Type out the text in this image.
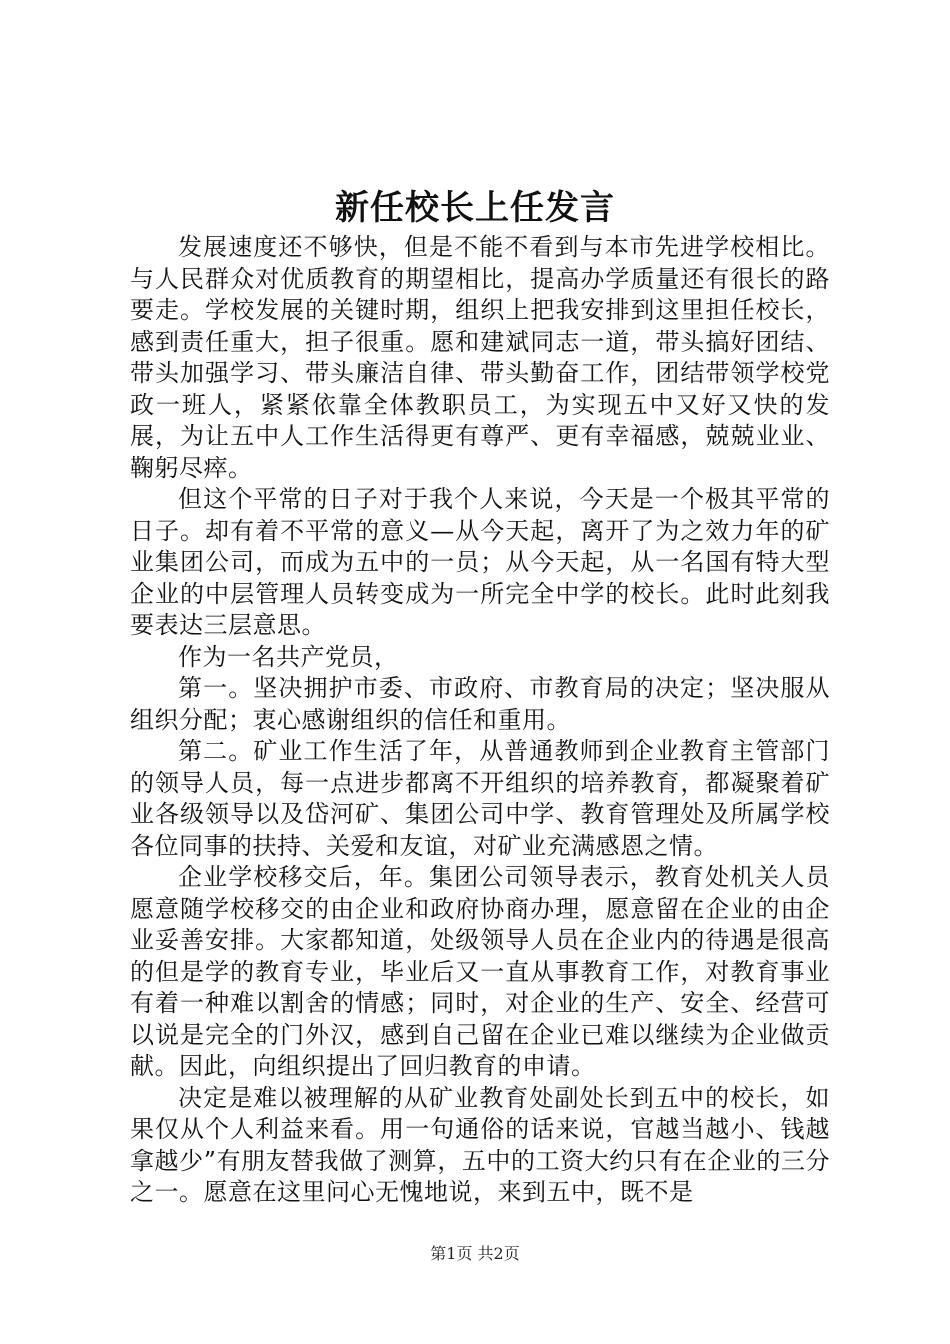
新任校长上任发言

发展速度还不够快，但是不能不看到与本市先进学校相比。与人民群众对优质教育的期望相比，提高办学质量还有很长的路要走。学校发展的关键时期，组织上把我安排到这里担任校长，感到责任重大，担子很重。愿和建斌同志一道，带头搞好团结、带头加强学习、带头廉洁自律、带头勤奋工作，团结带领学校党政一班人，紧紧依靠全体教职员工，为实现五中又好又快的发展，为让五中人工作生活得更有尊严、更有幸福感，兢兢业业、鞠躬尽瘁。

但这个平常的日子对于我个人来说，今天是一个极其平常的日子。却有着不平常的意义—从今天起，离开了为之效力年的矿业集团公司，而成为五中的一员；从今天起，从一名国有特大型企业的中层管理人员转变成为一所完全中学的校长。此时此刻我要表达三层意思。

作为一名共产党员，

第一。坚决拥护市委、市政府、市教育局的决定；坚决服从组织分配；衷心感谢组织的信任和重用。

第二。矿业工作生活了年，从普通教师到企业教育主管部门的领导人员，每一点进步都离不开组织的培养教育，都凝聚着矿业各级领导以及岱河矿、集团公司中学、教育管理处及所属学校各位同事的扶持、关爱和友谊，对矿业充满感恩之情。

企业学校移交后，年。集团公司领导表示，教育处机关人员愿意随学校移交的由企业和政府协商办理，愿意留在企业的由企业妥善安排。大家都知道，处级领导人员在企业内的待遇是很高的但是学的教育专业，毕业后又一直从事教育工作，对教育事业有着一种难以割舍的情感；同时，对企业的生产、安全、经营可以说是完全的门外汉，感到自己留在企业已难以继续为企业做贡献。因此，向组织提出了回归教育的申请。

决定是难以被理解的从矿业教育处副处长到五中的校长，如果仅从个人利益来看。用一句通俗的话来说，官越当越小、钱越拿越少”有朋友替我做了测算，五中的工资大约只有在企业的三分之一。愿意在这里问心无愧地说，来到五中，既不是

第1页 共2页
